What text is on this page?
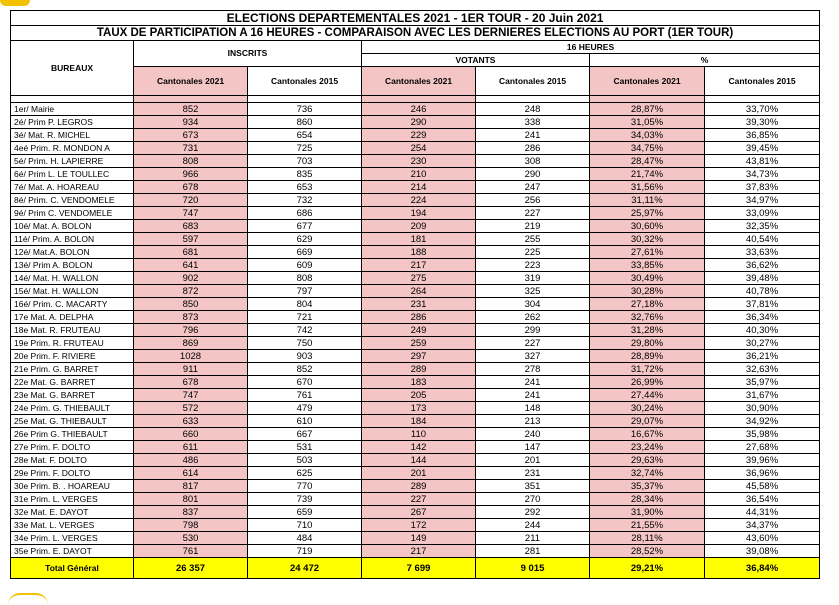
ELECTIONS DEPARTEMENTALES 2021 - 1ER TOUR - 20 Juin 2021						
TAUX DE PARTICIPATION A 16 HEURES - COMPARAISON AVEC LES DERNIERES ELECTIONS AU PORT (1ER TOUR)						
BUREAUX	INSCRITS		16 HEURES			
			VOTANTS		%	
	Cantonales 2021	Cantonales 2015	Cantonales 2021	Cantonales 2015	Cantonales 2021	Cantonales 2015

1er/ Mairie	852	736	246	248	28,87%	33,70%
2é/ Prim P. LEGROS	934	860	290	338	31,05%	39,30%
3é/ Mat. R. MICHEL	673	654	229	241	34,03%	36,85%
4eé Prim. R. MONDON A	731	725	254	286	34,75%	39,45%
5é/ Prim. H. LAPIERRE	808	703	230	308	28,47%	43,81%
6é/ Prim L. LE TOULLEC	966	835	210	290	21,74%	34,73%
7é/ Mat. A. HOAREAU	678	653	214	247	31,56%	37,83%
8é/ Prim. C. VENDOMELE	720	732	224	256	31,11%	34,97%
9é/ Prim C. VENDOMELE	747	686	194	227	25,97%	33,09%
10é/ Mat. A. BOLON	683	677	209	219	30,60%	32,35%
11é/ Prim. A. BOLON	597	629	181	255	30,32%	40,54%
12é/ Mat.A. BOLON	681	669	188	225	27,61%	33,63%
13é/ Prim A. BOLON	641	609	217	223	33,85%	36,62%
14é/ Mat. H. WALLON	902	808	275	319	30,49%	39,48%
15é/ Mat. H. WALLON	872	797	264	325	30,28%	40,78%
16é/ Prim. C. MACARTY	850	804	231	304	27,18%	37,81%
17e Mat. A. DELPHA	873	721	286	262	32,76%	36,34%
18e Mat. R. FRUTEAU	796	742	249	299	31,28%	40,30%
19e Prim. R. FRUTEAU	869	750	259	227	29,80%	30,27%
20e Prim. F. RIVIERE	1028	903	297	327	28,89%	36,21%
21e Prim. G. BARRET	911	852	289	278	31,72%	32,63%
22e Mat. G. BARRET	678	670	183	241	26,99%	35,97%
23e Mat. G. BARRET	747	761	205	241	27,44%	31,67%
24e Prim. G. THIEBAULT	572	479	173	148	30,24%	30,90%
25e Mat. G. THIEBAULT	633	610	184	213	29,07%	34,92%
26e Prim G. THIEBAULT	660	667	110	240	16,67%	35,98%
27e Prim. F. DOLTO	611	531	142	147	23,24%	27,68%
28e Mat. F. DOLTO	486	503	144	201	29,63%	39,96%
29e Prim. F. DOLTO	614	625	201	231	32,74%	36,96%
30e Prim. B. . HOAREAU	817	770	289	351	35,37%	45,58%
31e Prim. L. VERGES	801	739	227	270	28,34%	36,54%
32e Mat. E. DAYOT	837	659	267	292	31,90%	44,31%
33e Mat. L. VERGES	798	710	172	244	21,55%	34,37%
34e Prim. L. VERGES	530	484	149	211	28,11%	43,60%
35e Prim. E. DAYOT	761	719	217	281	28,52%	39,08%
Total Général	26 357	24 472	7 699	9 015	29,21%	36,84%
